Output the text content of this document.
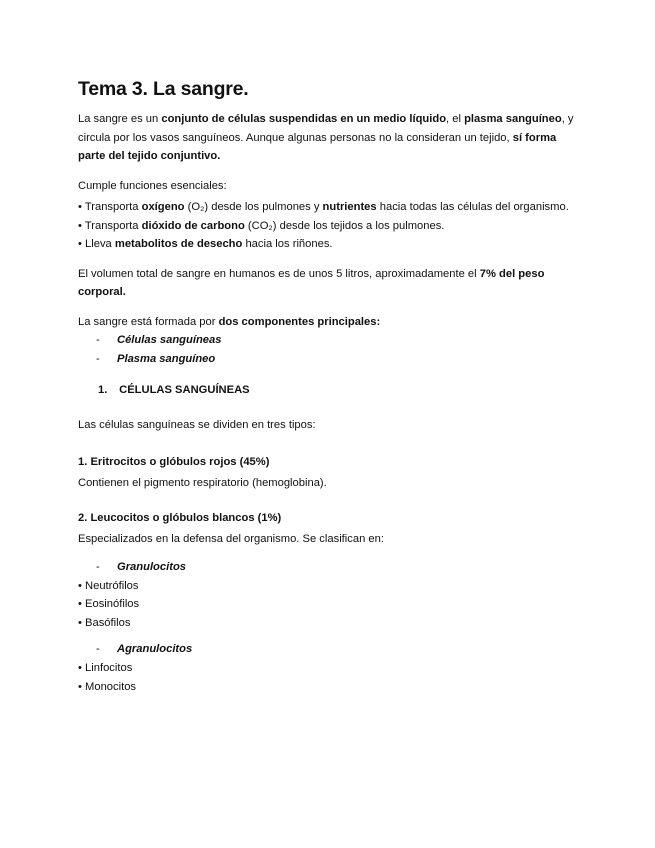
Tema 3. La sangre.

La sangre es un conjunto de células suspendidas en un medio líquido, el plasma sanguíneo, y circula por los vasos sanguíneos. Aunque algunas personas no la consideran un tejido, sí forma parte del tejido conjuntivo.

Cumple funciones esenciales:

• Transporta oxígeno (O₂) desde los pulmones y nutrientes hacia todas las células del organismo.
• Transporta dióxido de carbono (CO₂) desde los tejidos a los pulmones.
• Lleva metabolitos de desecho hacia los riñones.

El volumen total de sangre en humanos es de unos 5 litros, aproximadamente el 7% del peso corporal.

La sangre está formada por dos componentes principales:

- Células sanguíneas
- Plasma sanguíneo
1. CÉLULAS SANGUÍNEAS

Las células sanguíneas se dividen en tres tipos:

1. Eritrocitos o glóbulos rojos (45%)

Contienen el pigmento respiratorio (hemoglobina).

2. Leucocitos o glóbulos blancos (1%)

Especializados en la defensa del organismo. Se clasifican en:

- Granulocitos
• Neutrófilos
• Eosinófilos
• Basófilos
- Agranulocitos
• Linfocitos
• Monocitos
